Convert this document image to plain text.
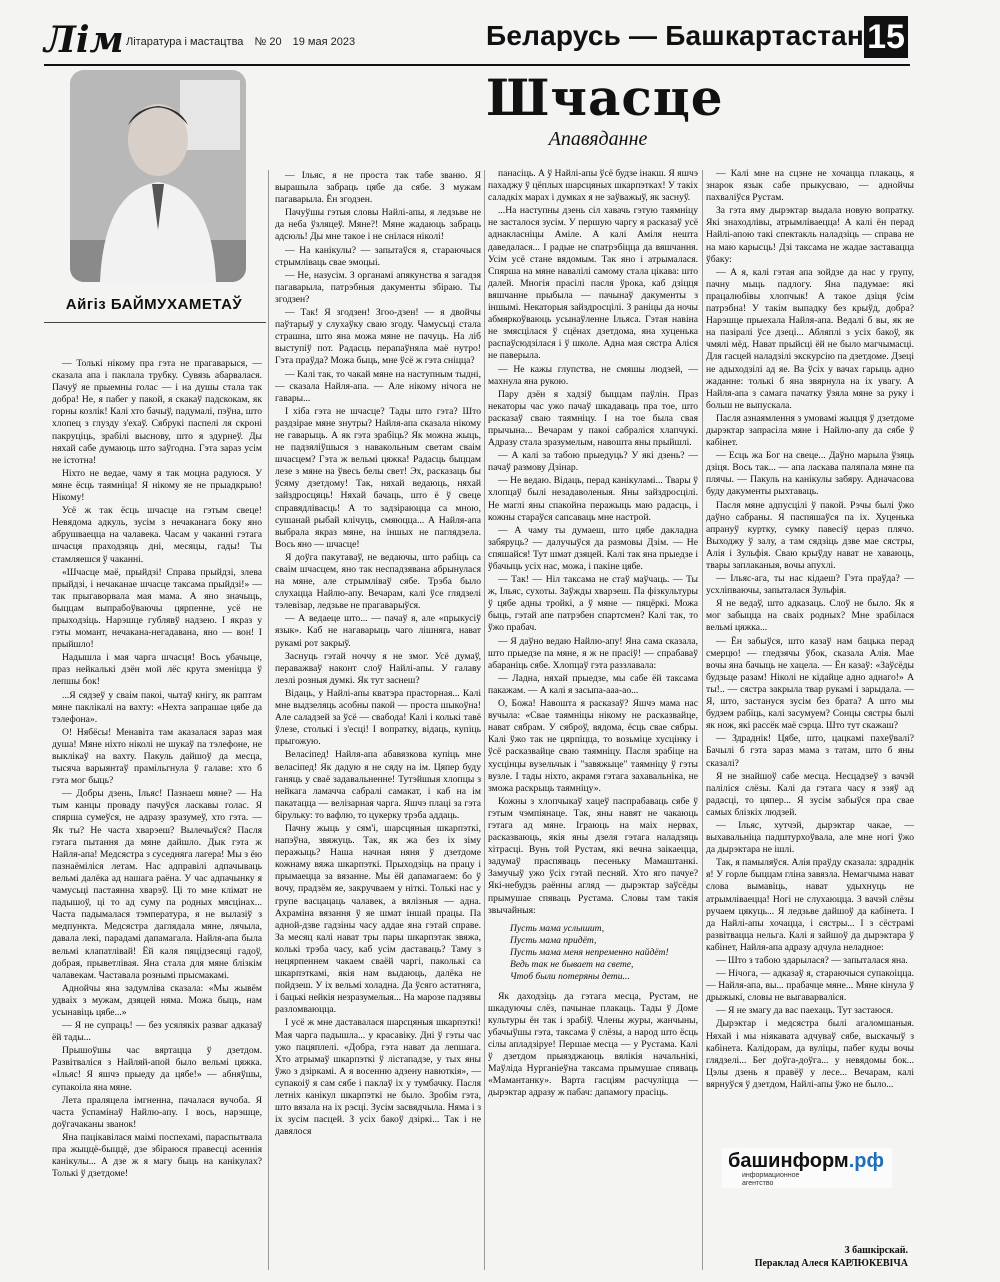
Лім Літаратура і мастацтва № 20 19 мая 2023	Беларусь — Башкартастан 15
Айгіз БАЙМУХАМЕТАЎ
Шчасце
Апавяданне

— Толькі нікому пра гэта не прагаварыся, — сказала апа і паклала трубку. Сувязь абарвалася. Пачуў яе прыемны голас — і на душы стала так добра! Не, я пабег у пакой, я скакаў падскокам, як горны козлік! Калі хто бачыў, падумалі, пэўна, што хлопец з глузду з'ехаў. Сябрукі паспелі ля скроні пакруціць, зрабілі выснову, што я здурнеў. Ды няхай сабе думаюць што заўгодна. Гэта зараз усім не істотна!

Ніхто не ведае, чаму я так моцна радуюся. У мяне ёсць таямніца! Я нікому яе не прыадкрыю! Нікому!

Усё ж так ёсць шчасце на гэтым свеце! Невядома адкуль, зусім з нечаканага боку яно абрушваецца на чалавека. Часам у чаканні гэтага шчасця праходзяць дні, месяцы, гады! Ты стамляешся ў чаканні.

«Шчасце маё, прыйдзі! Справа прыйдзі, злева прыйдзі, і нечаканае шчасце таксама прыйдзі!» — так прыгаворвала мая мама. А яно значыць, быццам выпрабоўваючы цярпенне, усё не прыходзіць. Нарэшце гублявў надзею. І якраз у гэты момант, нечакана-негадавана, яно — вон! І прыйшло!

Надышла і мая чарга шчасця! Вось убачыце, праз нейкалькі дзён мой лёс крута зменіцца ў лепшы бок!

...Я сядзеў у сваім пакоі, чытаў кнігу, як раптам мяне паклікалі на вахту: «Нехта запрашае цябе да тэлефона».

О! Нябёсы! Менавіта там аказалася зараз мая душа! Мяне ніхто ніколі не шукаў па тэлефоне, не выклікаў на вахту. Пакуль дайшоў да месца, тысяча варыянтаў прамільгнула ў галаве: хто б гэта мог быць?

— Добры дзень, Ільяс! Пазнаеш мяне? — На тым канцы проваду пачуўся ласкавы голас. Я спярша сумеўся, не адразу зразумеў, хто гэта. — Як ты? Не часта хварэеш? Вылечыўся? Пасля гэтага пытання да мяне дайшло. Дык гэта ж Найля-апа! Медсястра з суседняга лагера! Мы з ёю пазнаёміліся летам. Нас адправілі адпачываць вельмі далёка ад нашага раёна. У час адпачынку я чамусьці пастаянна хварэў. Ці то мне клімат не падышоў, ці то ад суму па родных мясцінах... Часта падымалася тэмпература, я не вылазіў з медпункта. Медсястра даглядала мяне, лячыла, давала лекі, парадамі дапамагала. Найля-апа была вельмі клапатлівай! Ёй каля пяцідзесяці гадоў, добрая, прыветлівая. Яна стала для мяне блізкім чалавекам. Частавала рознымі прысмакамі.

Аднойчы яна задумліва сказала: «Мы жывём удваіх з мужам, дзяцей няма. Можа быць, нам усынавіць цябе...»

— Я не супраць! — без усялякіх разваг адказаў ёй тады...

Прышоўшы час вяртацца ў дзетдом. Развітваліся з Найляй-апой было вельмі цяжка. «Ільяс! Я яшчэ прыеду да цябе!» — абняўшы, супакоіла яна мяне.

Лета праляцела імгненна, пачалася вучоба. Я часта ўспамінаў Найлю-апу. І вось, нарэшце, доўгачаканы званок!

Яна пацікавілася маімі поспехамі, параспытвала пра жыццё-быццё, дзе збіраюся правесці асеннія канікулы... А дзе ж я магу быць на канікулах? Толькі ў дзетдоме!

— Ільяс, я не проста так табе званю. Я вырашыла забраць цябе да сябе. З мужам пагаварыла. Ён згодзен.

Пачуўшы гэтыя словы Найлі-апы, я ледзьве не да неба ўзляцеў. Мяне?! Мяне жадаюць забраць адсюль! Ды мне такое і не снілася ніколі!

— На канікулы? — запытаўся я, стараючыся стрымліваць свае эмоцыі.

— Не, назусім. З органамі апякунства я загадзя пагаварыла, патрэбныя дакументы збіраю. Ты згодзен?

— Так! Я згодзен! Згоо-дзен! — я двойчы паўтарыў у слухаўку сваю згоду. Чамусьці стала страшна, што яна можа мяне не пачуць. На ліб выступіў пот. Радасць перапаўняла маё нутро! Гэта праўда? Можа быць, мне ўсё ж гэта сніцца?

— Калі так, то чакай мяне на наступным тыдні, — сказала Найля-апа. — Але нікому нічога не гавары...

І хіба гэта не шчасце? Тады што гэта? Што раздзірае мяне знутры? Найля-апа сказала нікому не гаварыць. А як гэта зрабіць? Як можна жыць, не падзяліўшыся з навакольным светам сваім шчасцем? Гэта ж вельмі цяжка! Радасць быццам лезе з мяне на ўвесь белы свет! Эх, расказаць бы ўсяму дзетдому! Так, няхай ведаюць, няхай зайздросцяць! Няхай бачаць, што ё ў свеце справядлівасць! А то задзіраюцца са мною, сушанай рыбай клічуць, смяюцца... А Найля-апа выбрала якраз мяне, на іншых не паглядзела. Вось яно — шчасце!

Я доўга пакутаваў, не ведаючы, што рабіць са сваім шчасцем, яно так неспадзявана абрынулася на мяне, але стрымліваў сябе. Трэба было слухацца Найлю-апу. Вечарам, калі ўсе глядзелі тэлевізар, ледзьве не прагаварыўся.

— А ведаеце што... — пачаў я, але «прыкусіў язык». Каб не нагаварыць чаго лішняга, нават рукамі рот закрыў.

Заснуць гэтай ноччу я не змог. Усё думаў, пераважваў наконт слоў Найлі-апы. У галаву лезлі розныя думкі. Як тут заснеш?

Відаць, у Найлі-апы кватэра прасторная... Калі мне выдзеляць асобны пакой — проста шыкоўна! Але саладзей за ўсё — свабода! Калі і колькі тавё ўлезе, столькі і з'есці! І вопратку, відаць, купіць прыгожую.

Веласіпед! Найля-апа абавязкова купіць мне веласіпед! Як дадую я не сяду на ім. Цяпер буду ганяць у сваё задавальненне! Тутэйшыя хлопцы з нейкага ламачча сабралі самакат, і каб на ім пакатацца — велізарная чарга. Яшчэ плаці за гэта бірульку: то вафлю, то цукерку трэба аддаць.

Пачну жыць у сям'і, шарсцяныя шкарпэткі, напэўна, звяжуць. Так, як жа без іх зіму перажыць? Наша начная няня ў дзетдоме кожнаму вяжа шкарпэткі. Прыходзіць на працу і прымаецца за вязанне. Мы ёй дапамагаем: бо ў вочу, прадзём яе, закручваем у ніткі. Толькі нас у групе васцацаць чалавек, а вялізныя — адна. Ахраміна вязання ў яе шмат іншай працы. Па адной-дзве гадзіны часу аддае яна гэтай справе. За месяц калі нават тры пары шкарпэтак звяжа, колькі трэба часу, каб усім даставаць? Таму з нецярпеннем чакаем сваёй чаргі, паколькі са шкарпэткамі, якія нам выдаюць, далёка не пойдзеш. У іх вельмі холадна. Да ўсяго астатняга, і бацькі нейкія незразумелыя... На марозе падзявы разломваюцца.

І усё ж мне даставалася шарсцяныя шкарпэткі! Мая чарга падышла... у красавіку. Дні ў гэты час ужо пацяплелі. «Добра, гэта нават да лепшага. Хто атрымаў шкарпэткі ў лістападзе, у тых яны ўжо з дзіркамі. А я восенню адзену навюткія», — супакоіў я сам сябе і паклаў іх у тумбачку. Пасля летніх канікул шкарпэткі не было. Зробім гэта, што вязала на іх рэсці. Зусім засвядчыла. Няма і з іх зусім пасцей. З усіх бакоў дзіркі... Так і не давялося

панасіць. А ў Найлі-апы ўсё будзе інакш. Я яшчэ пахаджу ў цёплых шарсцяных шкарпэтках! У такіх саладкіх марах і думках я не заўважыў, як заснуў.

...На наступны дзень сіл хавачь гэтую таямніцу не засталося зусім. У першую чаргу я расказаў усё аднакласніцы Аміле. А калі Аміля нешта даведалася... І радые не спатрэбіцца да вяшчання. Усім усё стане вядомым. Так яно і атрымалася. Спярша на мяне навалілі самому стала цікава: што далей. Многія прасілі пасля ўрока, каб дзіцця вяшчанне прыбыла — пачынаў дакументы з іншымі. Некаторыя зайздросцілі. З раніцы да ночы абмяркоўваюць усынаўленне Ільяса. Гэтая навіна не змясцілася ў сцёнах дзетдома, яна хуценька распаўсюдзілася і ў школе. Адна мая сястра Аліся не паверыла.

— Не кажы глупства, не смяшы людзей, — махнула яна рукою.

Пару дзён я хадзіў быццам паўлін. Праз некаторы час ужо пачаў шкадаваць пра тое, што расказаў сваю таямніцу. І на тое была свая прычына... Вечарам у пакоі сабраліся хлапчукі. Адразу стала зразумелым, навошта яны прыйшлі.

— А калі за табою прыедуць? У які дзень? — пачаў размову Дзінар.

— Не ведаю. Відаць, перад канікуламі... Твары ў хлопцаў былі незадаволеныя. Яны зайздросцілі. Не маглі яны спакойна перажыць маю радасць, і кожны стараўся сапсаваць мне настрой.

— А чаму ты думаеш, што цябе дакладна забяруць? — далучыўся да размовы Дзім. — Не спяшайся! Тут шмат дзяцей. Калі так яна прыедзе і ўбачыць усіх нас, можа, і пакіне цябе.

— Так! — Ніл таксама не стаў маўчаць. — Ты ж, Ільяс, сухоты. Заўжды хварэеш. Па фізкультуры ў цябе адны тройкі, а ў мяне — пяцёркі. Можа быць, гэтай апе патрэбен спартсмен? Калі так, то ўжо прабач.

— Я даўно ведаю Найлю-апу! Яна сама сказала, што прыедзе па мяне, я ж не прасіў! — спрабаваў абараніць сябе. Хлопцаў гэта раззлавала:

— Ладна, няхай прыедзе, мы сабе ёй таксама пакажам. — А калі я засыпа-ааа-ао...

О, Божа! Навошта я расказаў? Яшчэ мама нас вучыла: «Свае таямніцы нікому не расказвайце, нават сябрам. У сяброў, вядома, ёсць свае сябры. Калі ўжо так не цярпіцца, то возьміце хусцінку і ўсё расказвайце сваю таямніцу. Пасля зрабіце на хусцінцы вузельчык і "завяжыце" таямніцу ў гэты вузле. І тады ніхто, акрамя гэтага захавальніка, не зможа раскрыць таямніцу».

Кожны з хлопчыкаў хацеў паспрабаваць сябе ў гэтым чэмпіянаце. Так, яны навят не чакаюць гэтага ад мяне. Іграюць на маіх нервах, расказваюць, якія яны дзеля гэтага наладзяць хітрасці. Вунь той Рустам, які вечна заікаецца, задумаў праспяваць песеньку Мамаштанкі. Замучыў ужо ўсіх гэтай песняй. Хто яго пачуе? Які-небудзь раённы агляд — дырэктар заўсёды прымушае спяваць Рустама. Словы там такія звычайныя:

Пусть мама услышит,
Пусть мама придёт,
Пусть мама меня непременно найдёт!
Ведь так не бывает на свете,
Чтоб были потеряны дети...

Як даходзіць да гэтага месца, Рустам, не шкадуючы слёз, пачынае плакаць. Тады ў Доме культуры ён так і зрабіў. Члены журы, жанчыны, убачыўшы гэта, таксама ў слёзы, а народ што ёсць сілы апладзіруе! Першае месца — у Рустама. Калі ў дзетдом прыязджаюць вялікія начальнікі, Маўліда Нурганіеўна таксама прымушае спяваць «Мамантанку». Варта гасціям расчуліцца — дырэктар адразу ж пабач: дапамогу прасіць.

— Калі мне на сцэне не хочацца плакаць, я знарок язык сабе прыкусваю, — аднойчы пахваліўся Рустам.

За гэта яму дырэктар выдала новую вопратку. Які знаходлівы, атрымліваецца! А калі ён перад Найлі-апою такі спектакль наладзіць — справа не на маю карысць! Дзі таксама не жадае заставацца ўбаку:

— А я, калі гэтая апа зойдзе да нас у групу, пачну мыць падлогу. Яна падумае: які працалюбівы хлопчык! А такое дзіця ўсім патрэбна! У такім выпадку без крыўд, добра? Нарэшце прыехала Найля-апа. Ведалі б вы, як яе на пазіралі ўсе дзеці... Абляплі з усіх бакоў, як чмялі мёд. Нават прыйсці ёй не было магчымасці. Для гасцей наладзілі экскурсію па дзетдоме. Дзеці не адыходзілі ад яе. Ва ўсіх у вачах гарыць адно жаданне: толькі б яна звярнула на іх увагу. А Найля-апа з самага пачатку ўзяла мяне за руку і больш не выпускала.

Пасля азнаямлення з умовамі жыцця ў дзетдоме дырэктар запрасіла мяне і Найлю-апу да сябе ў кабінет.

— Есць жа Бог на свеце... Даўно марыла ўзяць дзіця. Вось так... — апа ласкава паляпала мяне па плячы. — Пакуль на канікулы забяру. Адначасова буду дакументы рыхтаваць.

Пасля мяне адпусцілі ў пакой. Рэчы былі ўжо даўно сабраны. Я паспяшаўся па іх. Хуценька апрануў куртку, сумку павесіў цераз плячо. Выходжу ў залу, а там сядзіць дзве мае сястры, Алія і Зульфія. Сваю крыўду нават не хаваюць, твары заплаканыя, вочы апухлі.

— Ільяс-ага, ты нас кідаеш? Гэта праўда? — усхліпваючы, запыталася Зульфія.

Я не ведаў, што адказаць. Слоў не было. Як я мог забыцца на сваіх родных? Мне зрабілася вельмі цяжка...

— Ён забыўся, што казаў нам бацька перад смерцю! — гледзячы ўбок, сказала Алія. Мае вочы яна бачыць не хацела. — Ён казаў: «Заўсёды будзьце разам! Ніколі не кідайце адно аднаго!» А ты!.. — сястра закрыла твар рукамі і зарыдала. — Я, што, застануся зусім без брата? А што мы будзем рабіць, калі засумуем? Сонцы сястры былі як нож, які рассёк маё сэрца. Што тут скажаш?

— Здраднік! Цябе, што, цацкамі пахеўвалі? Бачылі б гэта зараз мама з татам, што б яны сказалі?

Я не знайшоў сабе месца. Несцадзеў з вачэй паліліся слёзы. Калі да гэтага часу я ззяў ад радасці, то цяпер... Я зусім забыўся пра свае самых блізкіх людзей.

— Ільяс, хутчэй, дырэктар чакае, — выхавальніца падштурхоўвала, але мне ногі ўжо да дырэктара не ішлі.

Так, я памыляўся. Алія праўду сказала: здраднік я! У горле быццам гліна завязла. Немагчыма нават слова вымавіць, нават удыхнуць не атрымліваецца! Ногі не слухаюцца. З вачэй слёзы ручаем цякуць... Я ледзьве дайшоў да кабінета. І да Найлі-апы хочацца, і сястры... І з сёстрамі развітвацца нельга. Калі я зайшоў да дырэктара ў кабінет, Найля-апа адразу адчула неладное:

— Што з табою здарылася? — запыталася яна.

— Нічога, — адказаў я, стараючыся супакоіцца. — Найля-апа, вы... прабачце мяне... Мяне кінула ў дрыжыкі, словы не выгаварваліся.

— Я не змагу да вас паехаць. Тут застаюся.

Дырэктар і медсястра былі агаломшаныя. Няхай і мы ніякавата адчуваў сябе, выскачыў з кабінета. Калідорам, да вуліцы, пабег куды вочы глядзелі... Бег доўга-доўга... у невядомы бок... Цэлы дзень я правёў у лесе... Вечарам, калі вярнуўся ў дзетдом, Найлі-апы ўжо не было...

башинформ.рф
информационное
агентство
З башкірскай.
Пераклад Алеся КАРЛЮКЕВІЧА
